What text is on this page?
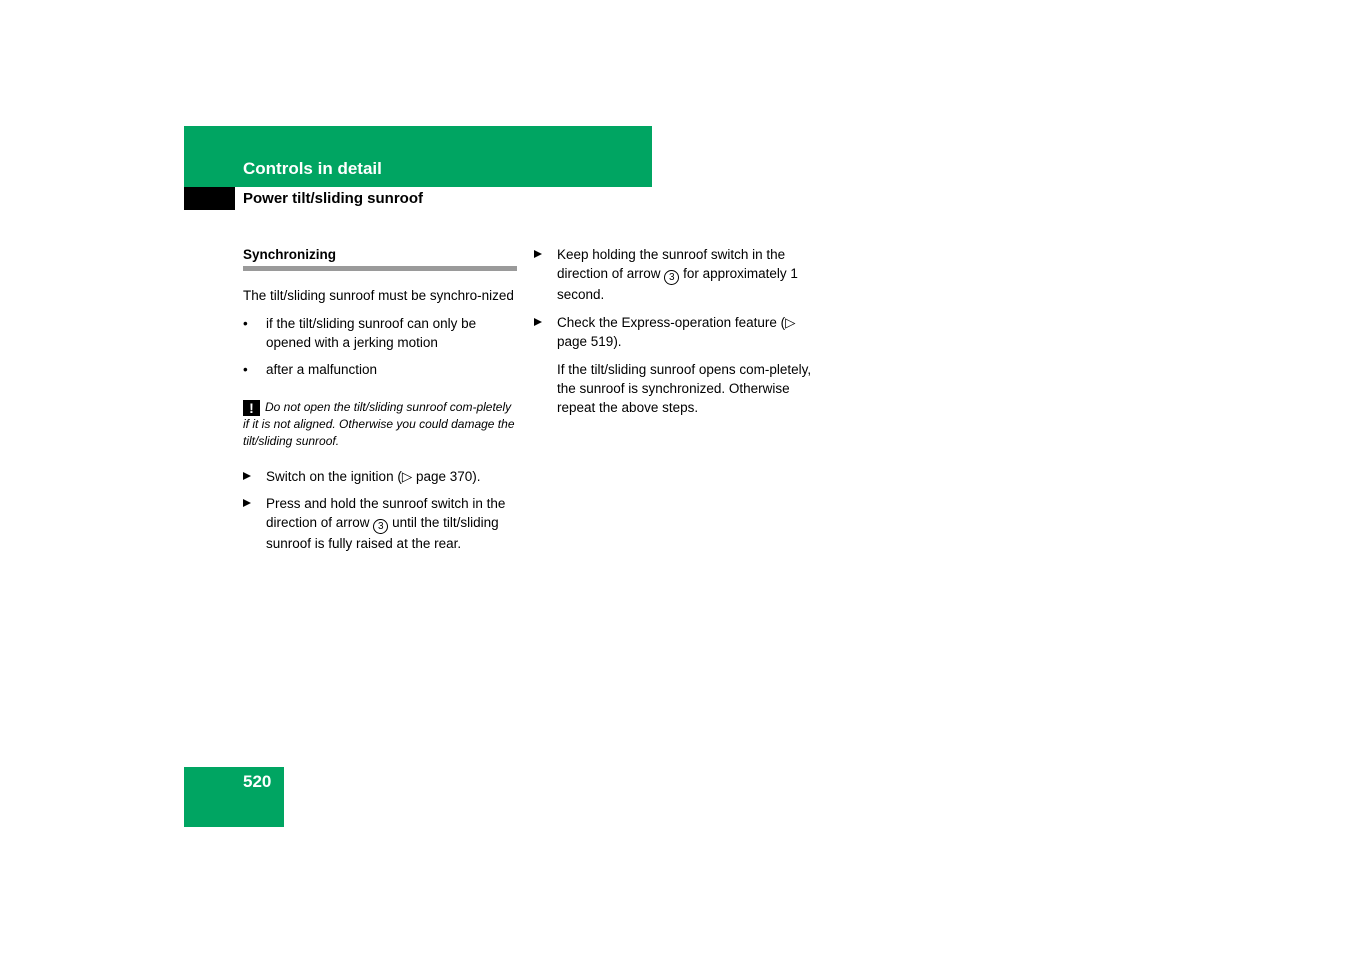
Controls in detail
Power tilt/sliding sunroof
Synchronizing

The tilt/sliding sunroof must be synchro-nized

• if the tilt/sliding sunroof can only be opened with a jerking motion
• after a malfunction
! Do not open the tilt/sliding sunroof com-pletely if it is not aligned. Otherwise you could damage the tilt/sliding sunroof.
Switch on the ignition (▷ page 370).
Press and hold the sunroof switch in the direction of arrow 3 until the tilt/sliding sunroof is fully raised at the rear.
Keep holding the sunroof switch in the direction of arrow 3 for approximately 1 second.
Check the Express-operation feature (▷ page 519).

If the tilt/sliding sunroof opens com-pletely, the sunroof is synchronized. Otherwise repeat the above steps.

520
